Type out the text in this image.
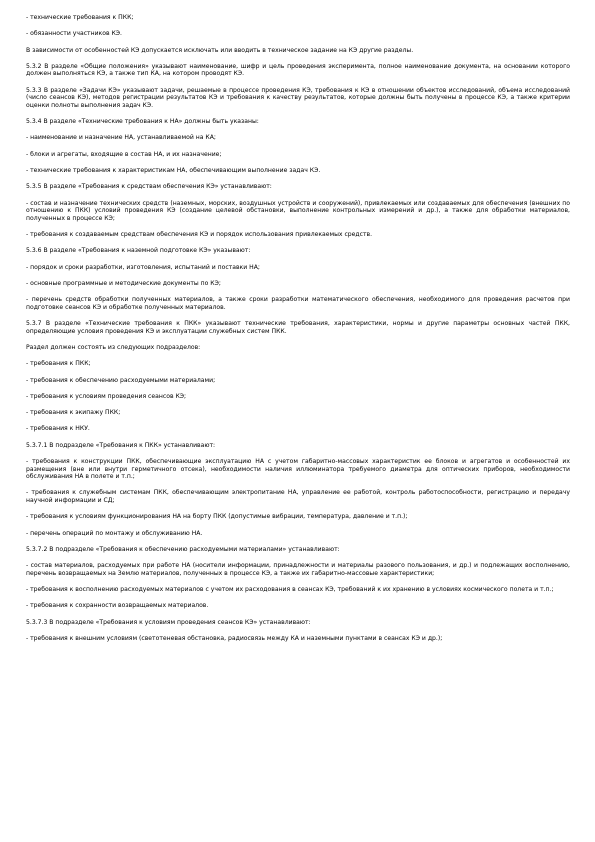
- технические требования к ПКК;

- обязанности участников КЭ.

В зависимости от особенностей КЭ допускается исключать или вводить в техническое задание на КЭ другие разделы.

5.3.2 В разделе «Общие положения» указывают наименование, шифр и цель проведения эксперимента, полное наименование документа, на основании которого должен выполняться КЭ, а также тип КА, на котором проводят КЭ.

5.3.3 В разделе «Задачи КЭ» указывают задачи, решаемые в процессе проведения КЭ, требования к КЭ в отношении объектов исследований, объема исследований (число сеансов КЭ), методов регистрации результатов КЭ и требования к качеству результатов, которые должны быть получены в процессе КЭ, а также критерии оценки полноты выполнения задач КЭ.

5.3.4 В разделе «Технические требования к НА» должны быть указаны:

- наименование и назначение НА, устанавливаемой на КА;

- блоки и агрегаты, входящие в состав НА, и их назначение;

- технические требования к характеристикам НА, обеспечивающим выполнение задач КЭ.

5.3.5 В разделе «Требования к средствам обеспечения КЭ» устанавливают:

- состав и назначение технических средств (наземных, морских, воздушных устройств и сооружений), привлекаемых или создаваемых для обеспечения (внешних по отношению к ПКК) условий проведения КЭ (создание целевой обстановки, выполнение контрольных измерений и др.), а также для обработки материалов, полученных в процессе КЭ;

- требования к создаваемым средствам обеспечения КЭ и порядок использования привлекаемых средств.

5.3.6 В разделе «Требования к наземной подготовке КЭ» указывают:

- порядок и сроки разработки, изготовления, испытаний и поставки НА;

- основные программные и методические документы по КЭ;

- перечень средств обработки полученных материалов, а также сроки разработки математического обеспечения, необходимого для проведения расчетов при подготовке сеансов КЭ и обработке полученных материалов.

5.3.7 В разделе «Технические требования к ПКК» указывают технические требования, характеристики, нормы и другие параметры основных частей ПКК, определяющие условия проведения КЭ и эксплуатации служебных систем ПКК.

Раздел должен состоять из следующих подразделов:

- требования к ПКК;

- требования к обеспечению расходуемыми материалами;

- требования к условиям проведения сеансов КЭ;

- требования к экипажу ПКК;

- требования к НКУ.

5.3.7.1 В подразделе «Требования к ПКК» устанавливают:

- требования к конструкции ПКК, обеспечивающие эксплуатацию НА с учетом габаритно-массовых характеристик ее блоков и агрегатов и особенностей их размещения (вне или внутри герметичного отсека), необходимости наличия иллюминатора требуемого диаметра для оптических приборов, необходимости обслуживания НА в полете и т.п.;

- требования к служебным системам ПКК, обеспечивающим электропитание НА, управление ее работой, контроль работоспособности, регистрацию и передачу научной информации и СД;

- требования к условиям функционирования НА на борту ПКК (допустимые вибрации, температура, давление и т.п.);

- перечень операций по монтажу и обслуживанию НА.

5.3.7.2 В подразделе «Требования к обеспечению расходуемыми материалами» устанавливают:

- состав материалов, расходуемых при работе НА (носители информации, принадлежности и материалы разового пользования, и др.) и подлежащих восполнению, перечень возвращаемых на Землю материалов, полученных в процессе КЭ, а также их габаритно-массовые характеристики;

- требования к восполнению расходуемых материалов с учетом их расходования в сеансах КЭ, требований к их хранению в условиях космического полета и т.п.;

- требования к сохранности возвращаемых материалов.

5.3.7.3 В подразделе «Требования к условиям проведения сеансов КЭ» устанавливают:

- требования к внешним условиям (светотеневая обстановка, радиосвязь между КА и наземными пунктами в сеансах КЭ и др.);
